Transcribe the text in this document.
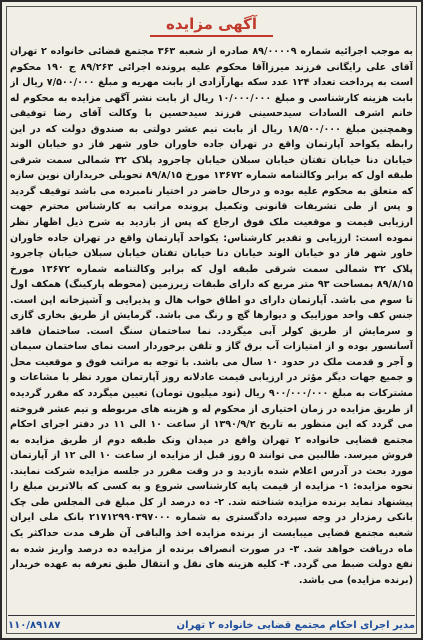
آگهی مزایده
به موجب اجرائیه شماره ۸۹/۰۰۰۰۹ صادره از شعبه ۳۶۳ مجتمع قضائی خانواده ۲ تهران آقای علی رایگانی فرزند میرزاآقا محکوم علیه پرونده اجرائی ۸۹/۲۶۳ ج ۱۹۰ محکوم است به پرداخت تعداد ۱۲۴ عدد سکه بهارآزادی از بابت مهریه و مبلغ ۷/۵۰۰/۰۰۰ ریال از بابت هزینه کارشناسی و مبلغ ۱۰/۰۰۰/۰۰۰ ریال از بابت نشر آگهی مزایده به محکوم له خانم اشرف السادات سیدحسینی فرزند سیدحسین با وکالت آقای رضا توفیقی وهمچنین مبلغ ۱۸/۵۰۰/۰۰۰ ریال از بابت نیم عشر دولتی به صندوق دولت که در این رابطه یکواحد آپارتمان واقع در تهران جاده خاوران خاور شهر فاز دو خیابان الوند خیابان دنا خیابان تفتان خیابان سبلان خیابان چاجرود پلاک ۳۲ شمالی سمت شرقی طبقه اول که برابر وکالتنامه شماره ۱۳۶۷۲ مورخ ۸۹/۸/۱۵ تحویلی خریداران نوین سازه که متعلق به محکوم علیه بوده و درحال حاضر در اختیار نامبرده می باشد توقیف گردید و پس از طی تشریفات قانونی وتکمیل پرونده مراتب به کارشناس محترم جهت ارزیابی قیمت و موقعیت ملک فوق ارجاع که پس از بازدید به شرح ذیل اظهار نظر نموده است: ارزیابی و تقدیر کارشناس: یکواحد آپارتمان واقع در تهران جاده خاوران خاور شهر فاز دو خیابان الوند خیابان دنا خیابان تفتان خیابان سبلان خیابان چاجرود پلاک ۳۲ شمالی سمت شرقی طبقه اول که برابر وکالتنامه شماره ۱۳۶۷۲ مورخ ۸۹/۸/۱۵ بمساحت ۹۳ متر مربع که دارای طبقات زیرزمین (محوطه پارکینگ) همکف اول تا سوم می باشد. آپارتمان دارای دو اطاق خواب هال و پذیرایی و آشپزخانه اپن است. جنس کف واحد موزاییک و دیوارها گچ و رنگ می باشد. گرمایش از طریق بخاری گازی و سرمایش از طریق کولر آبی میگردد. نما ساختمان سنگ است. ساختمان فاقد آسانسور بوده و از امتیازات آب برق گاز و تلفن برخوردار است نمای ساختمان سیمان و آجر و قدمت ملک در حدود ۱۰ سال می باشد. با توجه به مراتب فوق و موقعیت محل و جمیع جهات دیگر مؤثر در ارزیابی قیمت عادلانه روز آپارتمان مورد نظر با مشاعات و مشترکات به مبلغ ۹۰۰/۰۰۰/۰۰۰ ریال (نود میلیون تومان) تعیین میگردد که مقرر گردیده از طریق مزایده در زمان اختیاری از محکوم له و هزینه های مربوطه و نیم عشر فروخته می گردد که این منظور به تاریخ ۱۳۹۰/۹/۲ از ساعت ۱۰ الی ۱۱ در دفتر اجرای احکام مجتمع قضایی خانواده ۲ تهران واقع در میدان ونک طبقه دوم از طریق مزایده به فروش میرسد. طالبین می توانند ۵ روز قبل از مزایده از ساعت ۱۰ الی ۱۲ از آپارتمان مورد بحث در آدرس اعلام شده بازدید و در وقت مقرر در جلسه مزایده شرکت نمایند. نحوه مزایده: ۱- مزایده از قیمت پایه کارشناسی شروع و به کسی که بالاترین مبلغ را پیشنهاد نماید برنده مزایده شناخته شد. ۲- ده درصد از کل مبلغ فی المجلس طی چک بانکی رمزدار در وجه سپرده دادگستری به شماره ۲۱۷۱۲۹۹۰۳۹۷۰۰۰ بانک ملی ایران شعبه مجتمع قضایی میبایست از برنده مزایده اخذ والباقی آن ظرف مدت حداکثر یک ماه دریافت خواهد شد. ۳- در صورت انصراف برنده از مزایده ده درصد واریز شده به نفع دولت ضبط می گردد. ۴- کلیه هزینه های نقل و انتقال طبق تعرفه به عهده خریدار (برنده مزایده) می باشد.
مدیر اجرای احکام مجتمع قضایی خانواده ۲ تهران
۱۱۰/۸۹۱۸۷
